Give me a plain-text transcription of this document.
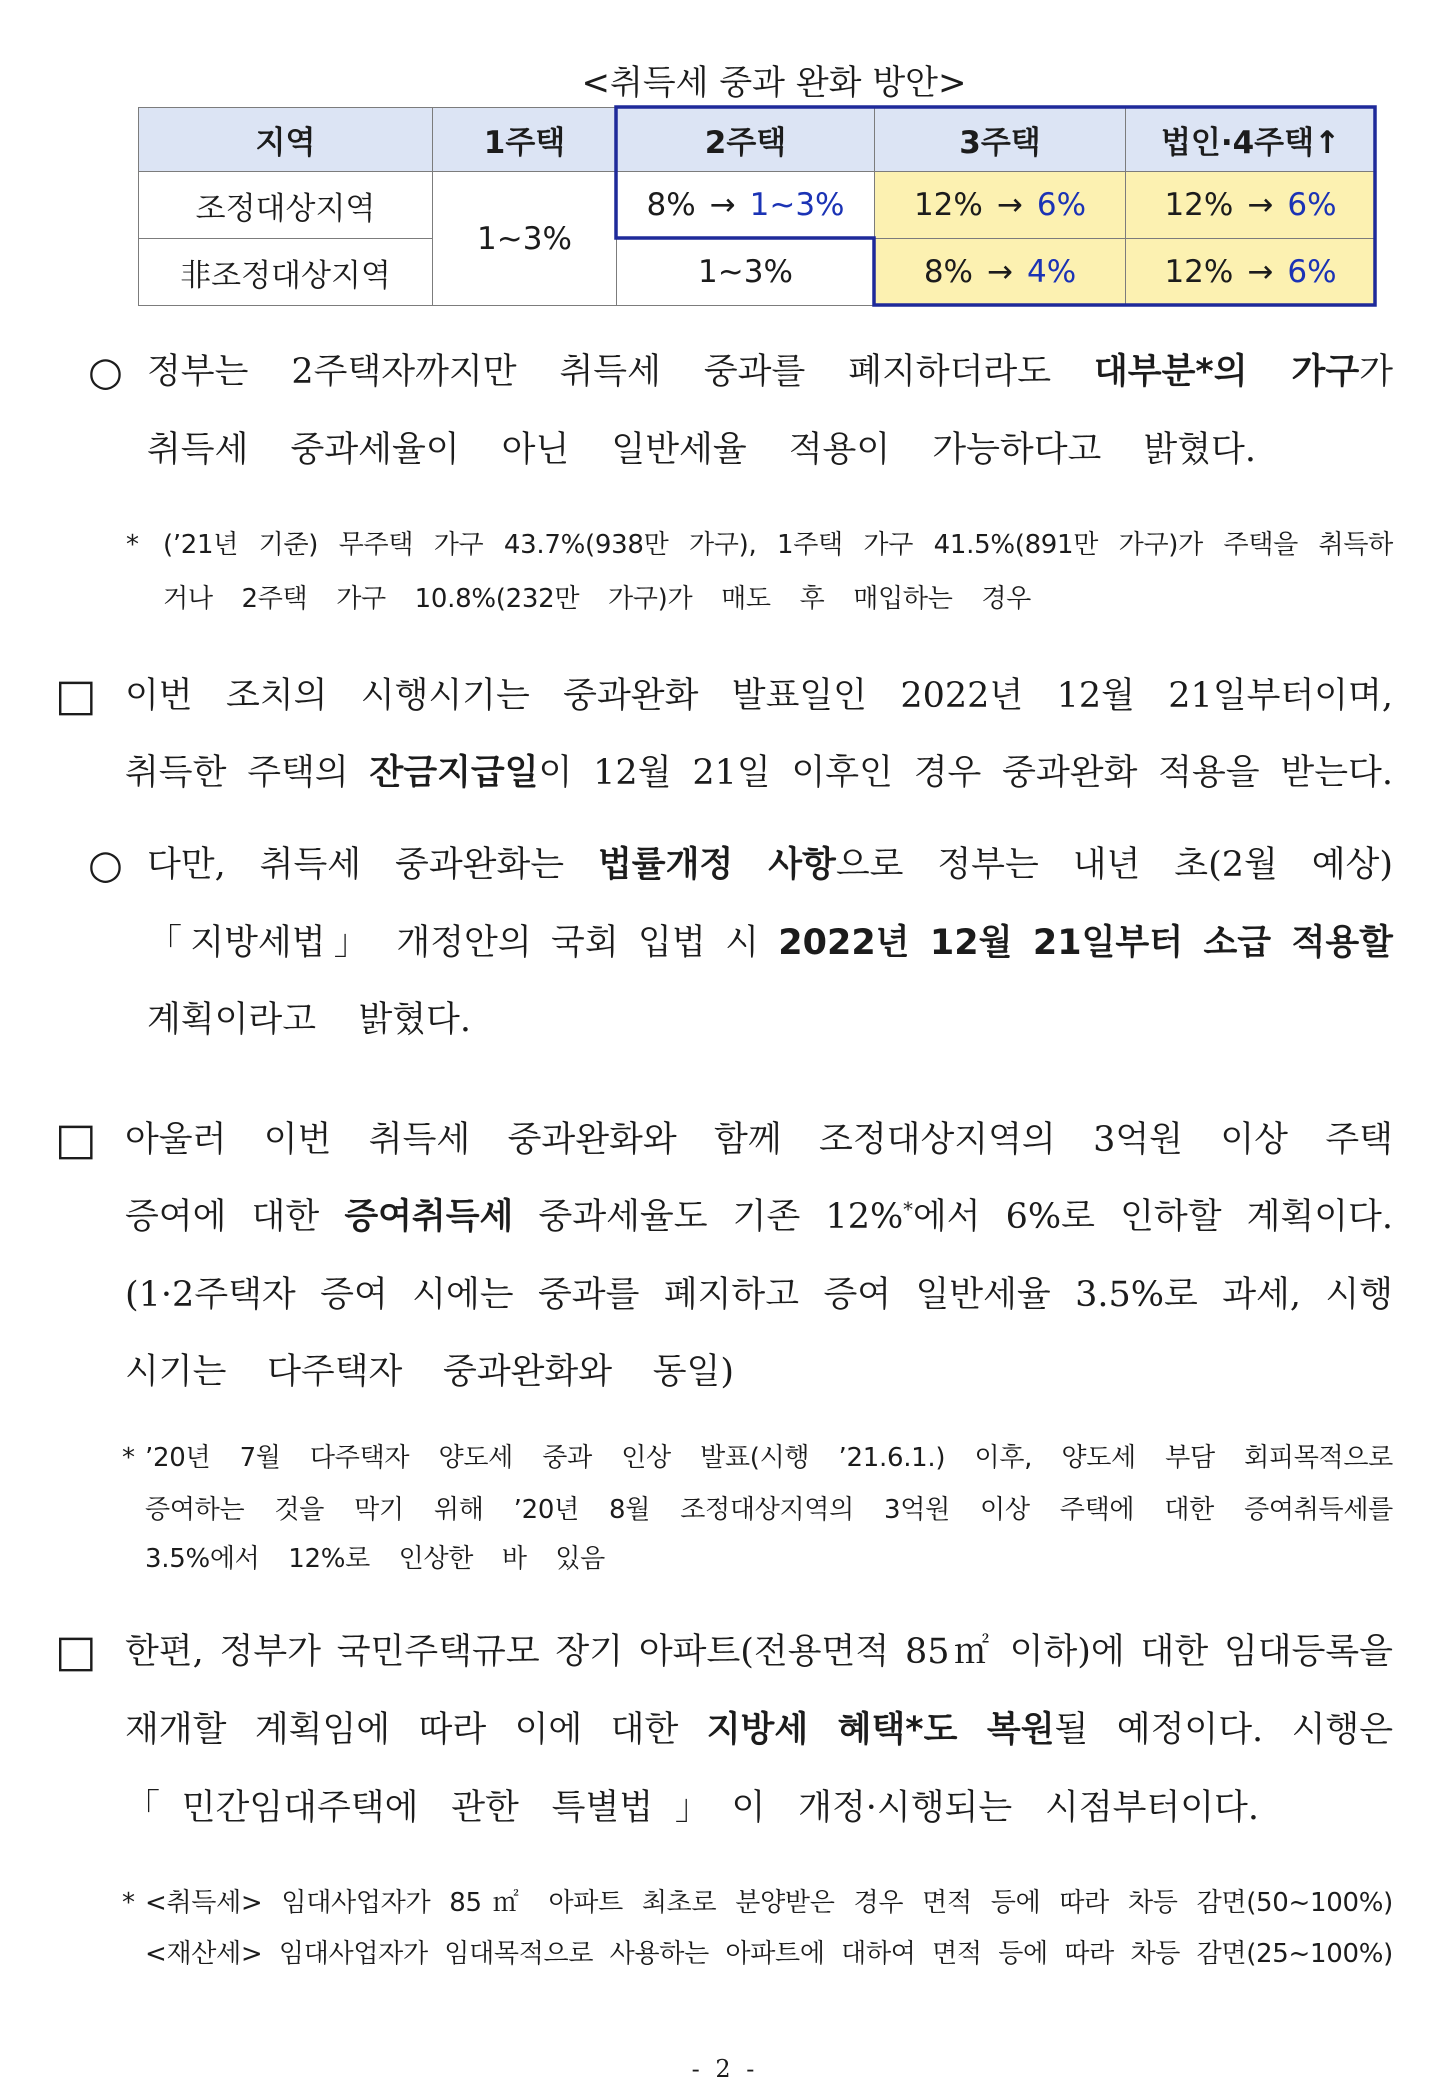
<취득세 중과 완화 방안>
지역	1주택	2주택	3주택	법인·4주택↑
조정대상지역	1~3%	8% → 1~3%	12% → 6%	12% → 6%
非조정대상지역		1~3%	8% → 4%	12% → 6%
○ 정부는 2주택자까지만 취득세 중과를 폐지하더라도 대부분*의 가구가
취득세 중과세율이 아닌 일반세율 적용이 가능하다고 밝혔다.
* (’21년 기준) 무주택 가구 43.7%(938만 가구), 1주택 가구 41.5%(891만 가구)가 주택을 취득하
거나 2주택 가구 10.8%(232만 가구)가 매도 후 매입하는 경우
□ 이번 조치의 시행시기는 중과완화 발표일인 2022년 12월 21일부터이며,
취득한 주택의 잔금지급일이 12월 21일 이후인 경우 중과완화 적용을 받는다.
○ 다만, 취득세 중과완화는 법률개정 사항으로 정부는 내년 초(2월 예상)
「지방세법」 개정안의 국회 입법 시 2022년 12월 21일부터 소급 적용할
계획이라고 밝혔다.
□ 아울러 이번 취득세 중과완화와 함께 조정대상지역의 3억원 이상 주택
증여에 대한 증여취득세 중과세율도 기존 12%*에서 6%로 인하할 계획이다.
(1·2주택자 증여 시에는 중과를 폐지하고 증여 일반세율 3.5%로 과세, 시행
시기는 다주택자 중과완화와 동일)
* ’20년 7월 다주택자 양도세 중과 인상 발표(시행 ’21.6.1.) 이후, 양도세 부담 회피목적으로
증여하는 것을 막기 위해 ’20년 8월 조정대상지역의 3억원 이상 주택에 대한 증여취득세를
3.5%에서 12%로 인상한 바 있음
□ 한편, 정부가 국민주택규모 장기 아파트(전용면적 85㎡ 이하)에 대한 임대등록을
재개할 계획임에 따라 이에 대한 지방세 혜택*도 복원될 예정이다. 시행은
「민간임대주택에 관한 특별법」이 개정·시행되는 시점부터이다.
* <취득세> 임대사업자가 85㎡ 아파트 최초로 분양받은 경우 면적 등에 따라 차등 감면(50~100%)
<재산세> 임대사업자가 임대목적으로 사용하는 아파트에 대하여 면적 등에 따라 차등 감면(25~100%)
- 2 -
